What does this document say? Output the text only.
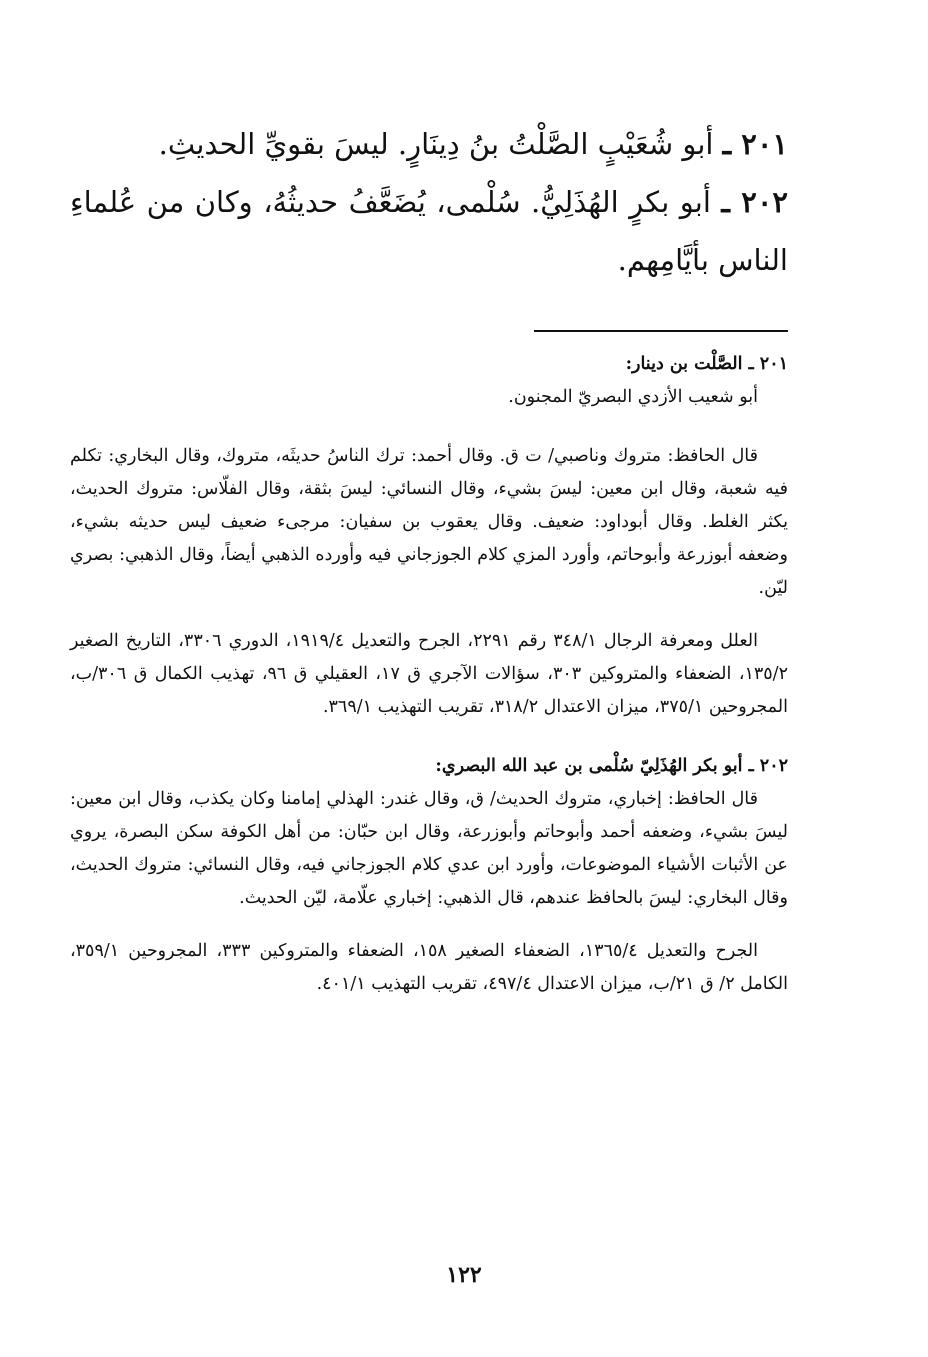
٢٠١ ـ أبو شُعَيْبٍ الصَّلْتُ بنُ دِينَارٍ. ليسَ بقويِّ الحديثِ.

٢٠٢ ـ أبو بكرٍ الهُذَلِيُّ. سُلْمى، يُضَعَّفُ حديثُهُ، وكان من عُلماءِ الناس بأيَّامِهم.

٢٠١ ـ الصَّلْت بن دينار:

أبو شعيب الأزدي البصريّ المجنون.

قال الحافظ: متروك وناصبي/ ت ق. وقال أحمد: ترك الناسُ حديثَه، متروك، وقال البخاري: تكلم فيه شعبة، وقال ابن معين: ليسَ بشيء، وقال النسائي: ليسَ بثقة، وقال الفلّاس: متروك الحديث، يكثر الغلط. وقال أبوداود: ضعيف. وقال يعقوب بن سفيان: مرجىء ضعيف ليس حديثه بشيء، وضعفه أبوزرعة وأبوحاتم، وأورد المزي كلام الجوزجاني فيه وأورده الذهبي أيضاً، وقال الذهبي: بصري ليّن.

العلل ومعرفة الرجال ٣٤٨/١ رقم ٢٢٩١، الجرح والتعديل ١٩١٩/٤، الدوري ٣٣٠٦، التاريخ الصغير ١٣٥/٢، الضعفاء والمتروكين ٣٠٣، سؤالات الآجري ق ١٧، العقيلي ق ٩٦، تهذيب الكمال ق ٣٠٦/ب، المجروحين ٣٧٥/١، ميزان الاعتدال ٣١٨/٢، تقريب التهذيب ٣٦٩/١.

٢٠٢ ـ أبو بكر الهُذَلِيّ سُلْمى بن عبد الله البصري:

قال الحافظ: إخباري، متروك الحديث/ ق، وقال غندر: الهذلي إمامنا وكان يكذب، وقال ابن معين: ليسَ بشيء، وضعفه أحمد وأبوحاتم وأبوزرعة، وقال ابن حبّان: من أهل الكوفة سكن البصرة، يروي عن الأثبات الأشياء الموضوعات، وأورد ابن عدي كلام الجوزجاني فيه، وقال النسائي: متروك الحديث، وقال البخاري: ليسَ بالحافظ عندهم، قال الذهبي: إخباري علّامة، ليّن الحديث.

الجرح والتعديل ١٣٦٥/٤، الضعفاء الصغير ١٥٨، الضعفاء والمتروكين ٣٣٣، المجروحين ٣٥٩/١، الكامل ٢/ ق ٢١/ب، ميزان الاعتدال ٤٩٧/٤، تقريب التهذيب ٤٠١/١.

١٢٢
